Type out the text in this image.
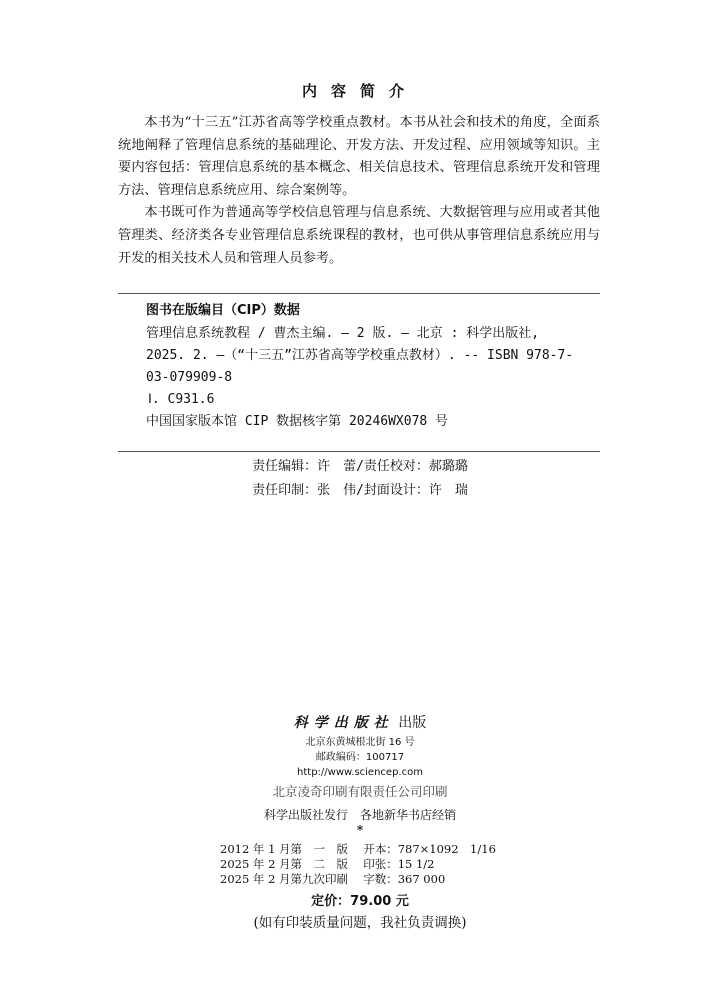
内容简介

本书为“十三五”江苏省高等学校重点教材。本书从社会和技术的角度，全面系统地阐释了管理信息系统的基础理论、开发方法、开发过程、应用领域等知识。主要内容包括：管理信息系统的基本概念、相关信息技术、管理信息系统开发和管理方法、管理信息系统应用、综合案例等。

本书既可作为普通高等学校信息管理与信息系统、大数据管理与应用或者其他管理类、经济类各专业管理信息系统课程的教材，也可供从事管理信息系统应用与开发的相关技术人员和管理人员参考。

图书在版编目（CIP）数据
管理信息系统教程 / 曹杰主编. — 2 版. — 北京 : 科学出版社,
2025. 2. —（“十三五”江苏省高等学校重点教材）. -- ISBN 978-7-
03-079909-8
Ⅰ. C931.6
中国国家版本馆 CIP 数据核字第 20246WX078 号
责任编辑：许　蕾/责任校对：郝璐璐
责任印制：张　伟/封面设计：许　瑞
科学出版社 出版
北京东黄城根北街 16 号
邮政编码：100717
http://www.sciencep.com
北京凌奇印刷有限责任公司印刷
科学出版社发行　各地新华书店经销
*
2012 年 1 月第　一　版　 开本：787×1092　1/16
2025 年 2 月第　二　版　 印张：15 1/2
2025 年 2 月第九次印刷　 字数：367 000
定价：79.00 元
(如有印装质量问题，我社负责调换)
